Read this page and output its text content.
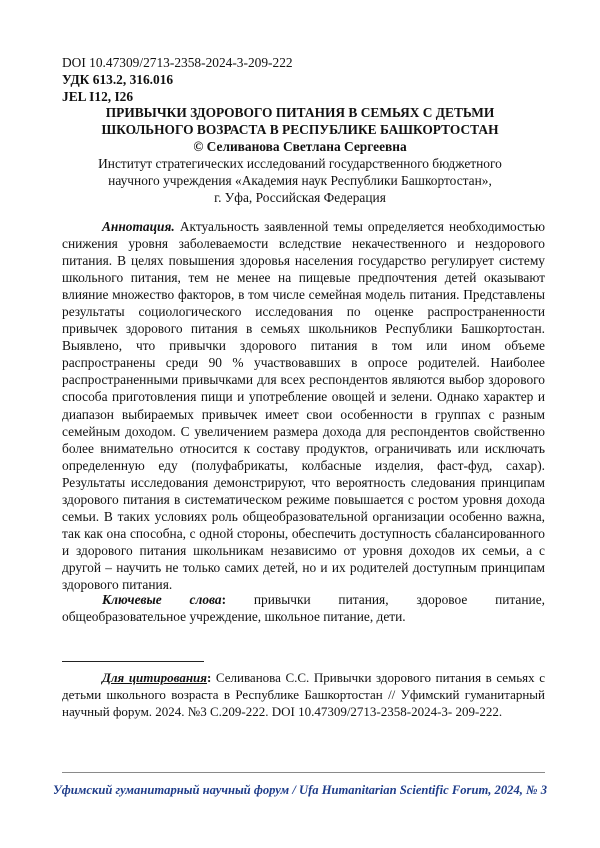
DOI 10.47309/2713-2358-2024-3-209-222
УДК 613.2, 316.016
JEL I12, I26
ПРИВЫЧКИ ЗДОРОВОГО ПИТАНИЯ В СЕМЬЯХ С ДЕТЬМИ
ШКОЛЬНОГО ВОЗРАСТА В РЕСПУБЛИКЕ БАШКОРТОСТАН
© Селиванова Светлана Сергеевна
Институт стратегических исследований государственного бюджетного
научного учреждения «Академия наук Республики Башкортостан»,
г. Уфа, Российская Федерация
Аннотация. Актуальность заявленной темы определяется необходимостью снижения уровня заболеваемости вследствие некачественного и нездорового питания. В целях повышения здоровья населения государство регулирует систему школьного питания, тем не менее на пищевые предпочтения детей оказывают влияние множество факторов, в том числе семейная модель питания. Представлены результаты социологического исследования по оценке распространенности привычек здорового питания в семьях школьников Республики Башкортостан. Выявлено, что привычки здорового питания в том или ином объеме распространены среди 90 % участвовавших в опросе родителей. Наиболее распространенными привычками для всех респондентов являются выбор здорового способа приготовления пищи и употребление овощей и зелени. Однако характер и диапазон выбираемых привычек имеет свои особенности в группах с разным семейным доходом. С увеличением размера дохода для респондентов свойственно более внимательно относится к составу продуктов, ограничивать или исключать определенную еду (полуфабрикаты, колбасные изделия, фаст-фуд, сахар). Результаты исследования демонстрируют, что вероятность следования принципам здорового питания в систематическом режиме повышается с ростом уровня дохода семьи. В таких условиях роль общеобразовательной организации особенно важна, так как она способна, с одной стороны, обеспечить доступность сбалансированного и здорового питания школьникам независимо от уровня доходов их семьи, а с другой – научить не только самих детей, но и их родителей доступным принципам здорового питания.
Ключевые слова: привычки питания, здоровое питание, общеобразовательное учреждение, школьное питание, дети.
Для цитирования: Селиванова С.С. Привычки здорового питания в семьях с детьми школьного возраста в Республике Башкортостан // Уфимский гуманитарный научный форум. 2024. №3 С.209-222. DOI 10.47309/2713-2358-2024-3- 209-222.
Уфимский гуманитарный научный форум / Ufa Humanitarian Scientific Forum, 2024, № 3
